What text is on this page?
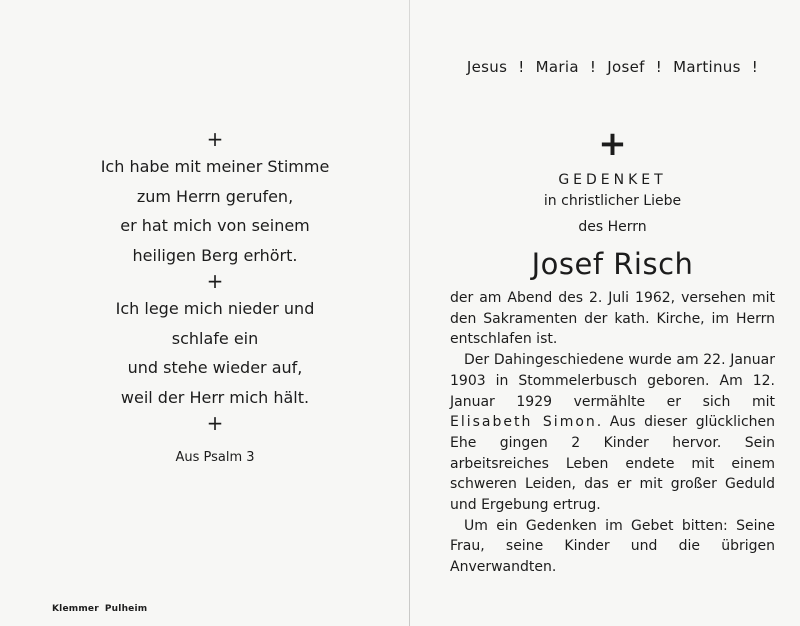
+

Ich habe mit meiner Stimme

zum Herrn gerufen,

er hat mich von seinem

heiligen Berg erhört.

+

Ich lege mich nieder und

schlafe ein

und stehe wieder auf,

weil der Herr mich hält.

+
Aus Psalm 3
Klemmer Pulheim

Jesus ! Maria ! Josef ! Martinus !

+
GEDENKET
in christlicher Liebe
des Herrn
Josef Risch

der am Abend des 2. Juli 1962, versehen mit den Sakramenten der kath. Kirche, im Herrn entschlafen ist.

Der Dahingeschiedene wurde am 22. Januar 1903 in Stommelerbusch geboren. Am 12. Januar 1929 vermählte er sich mit Elisabeth Simon. Aus dieser glücklichen Ehe gingen 2 Kinder hervor. Sein arbeitsreiches Leben endete mit einem schweren Leiden, das er mit großer Geduld und Ergebung ertrug.

Um ein Gedenken im Gebet bitten: Seine Frau, seine Kinder und die übrigen Anverwandten.
